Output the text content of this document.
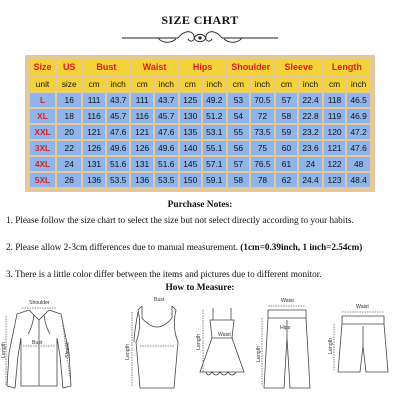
SIZE CHART
Size	US	Bust		Waist		Hips		Shoulder		Sleeve		Length	
unit	size	cm	inch	cm	inch	cm	inch	cm	inch	cm	inch	cm	inch
L	16	111	43.7	111	43.7	125	49.2	53	70.5	57	22.4	118	46.5
XL	18	116	45.7	116	45.7	130	51.2	54	72	58	22.8	119	46.9
XXL	20	121	47.6	121	47.6	135	53.1	55	73.5	59	23.2	120	47.2
3XL	22	126	49.6	126	49.6	140	55.1	56	75	60	23.6	121	47.6
4XL	24	131	51.6	131	51.6	145	57.1	57	76.5	61	24	122	48
5XL	26	136	53.5	136	53.5	150	59.1	58	78	62	24.4	123	48.4
Purchase Notes:
1. Please follow the size chart to select the size but not select directly according to your habits.
2. Please allow 2-3cm differences due to manual measurement. (1cm=0.39inch, 1 inch=2.54cm)
3. There is a little color differ between the items and pictures due to different monitor.
How to Measure:
Shoulder
Bust
Length	Sleeve
Bust
Length
Waist
Length
Waist
Hips
Length
Waist
Length
